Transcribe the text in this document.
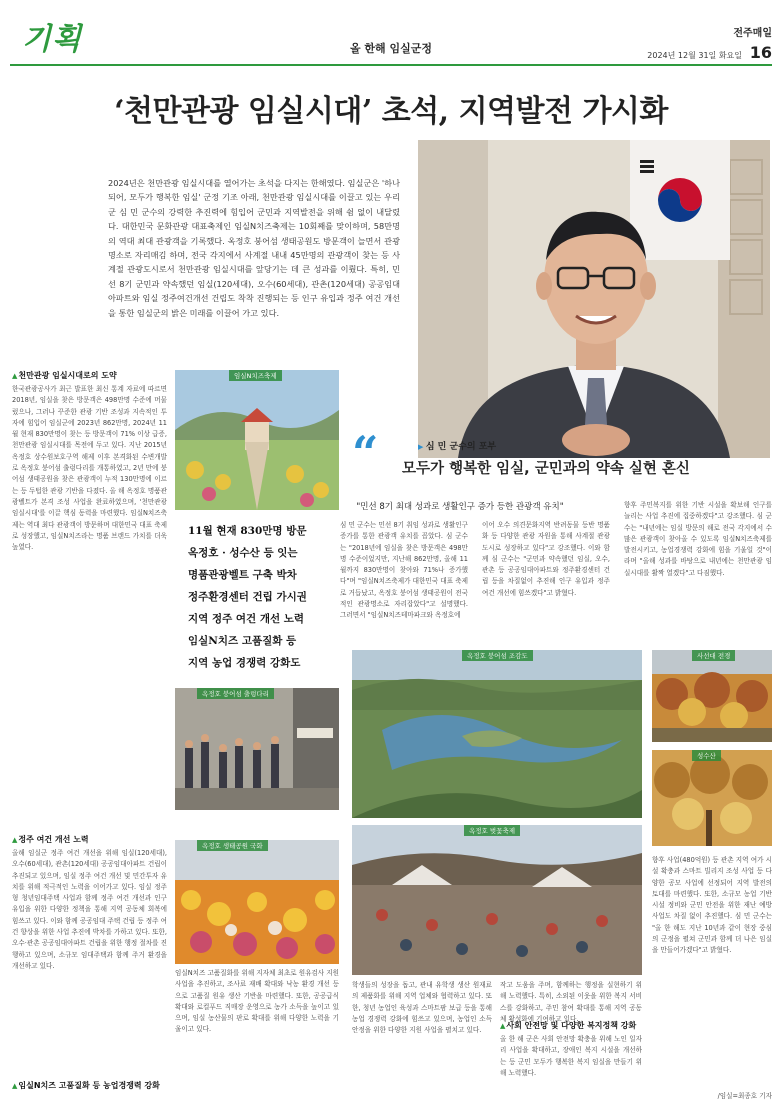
기획	올 한해 임실군정
전주매일
2024년 12월 31일 화요일 16
‘천만관광 임실시대’ 초석, 지역발전 가시화
2024년은 천만관광 임실시대를 열어가는 초석을 다지는 한해였다. 임실군은 '하나되어, 모두가 행복한 임실' 군정 기조 아래, 천만관광 임실시대를 이끌고 있는 우리 군 심 민 군수의 강력한 추진력에 힘입어 군민과 지역발전을 위해 쉼 없이 내달렸다. 대한민국 문화관광 대표축제인 임실N치즈축제는 10회째를 맞이하며, 58만명의 역대 최대 관광객을 기록했다. 옥정호 붕어섬 생태공원도 방문객이 늘면서 관광명소로 자리매김 하며, 전국 각지에서 사계절 내내 45만명의 관광객이 찾는 등 사계절 관광도시로서 천만관광 임실시대를 앞당기는 데 큰 성과를 이뤘다. 특히, 민선 8기 군민과 약속했던 임실(120세대), 오수(60세대), 관촌(120세대) 공공임대아파트와 임실 정주여건개선 건립도 착착 진행되는 등 인구 유입과 정주 여건 개선을 통한 임실군의 밝은 미래를 이끌어 가고 있다.
▲ 천만관광 임실시대로의 도약
한국관광공사가 최근 발표한 최신 통계 자료에 따르면 2018년, 임실을 찾은 방문객은 498만명 수준에 머물렀으나, 그러나 꾸준한 관광 기반 조성과 지속적인 투자에 힘입어 임실군에 2023년 862만명, 2024년 11월 현재 830만명이 찾는 등 방문객이 71% 이상 급증, 천만관광 임실시대를 목전에 두고 있다. 지난 2015년 옥정호 상수원보호구역 해제 이후 본격화된 수변개발로 옥정호 붕어섬 출렁다리를 개통하였고, 2년 만에 붕어섬 생태공원을 찾은 관광객이 누적 130만명에 이르는 등 두텁한 관광 기반을 다졌다. 올 해 옥정호 명품관광벨트가 본격 조성 사업을 완료하였으며, '천만관광 임실시대'를 이끌 핵심 동력을 마련했다. 임실N치즈축제는 역대 최다 관광객이 방문하며 대한민국 대표 축제로 성장했고, 임실N치즈라는 명품 브랜드 가치를 더욱 높였다.
▲ 정주 여건 개선 노력
올해 임실군 정주 여건 개선을 위해 임실(120세대), 오수(60세대), 관촌(120세대) 공공임대아파트 건립이 추진되고 있으며, 임실 정주 여건 개선 및 민간투자 유치를 위해 적극적인 노력을 이어가고 있다. 임실 정주형 청년임대주택 사업과 함께 정주 여건 개선과 인구 유입을 위한 다양한 정책을 통해 지역 공동체 회복에 힘쓰고 있다. 이와 함께 공공임대 주택 건립 등 정주 여건 향상을 위한 사업 추진에 박차를 가하고 있다. 또한, 오수·관촌 공공임대아파트 건립을 위한 행정 절차를 진행하고 있으며, 소규모 임대주택과 함께 주거 환경을 개선하고 있다.
▲ 임실N치즈 고품질화 등 농업경쟁력 강화
임실N치즈축제
11월 현재 830만명 방문
옥정호 · 성수산 등 잇는
명품관광벨트 구축 박차
정주환경센터 건립 가시권
지역 정주 여건 개선 노력
임실N치즈 고품질화 등
지역 농업 경쟁력 강화도
옥정호 붕어섬 출렁다리
옥정호 생태공원 국화
임실N치즈 고품질화를 위해 지자체 최초로 원유검사 지원 사업을 추진하고, 조사료 재배 확대와 낙농 환경 개선 등으로 고품질 원유 생산 기반을 마련했다. 또한, 공공급식 확대와 로컬푸드 직매장 운영으로 농가 소득을 높이고 있으며, 임실 농산물의 판로 확대를 위해 다양한 노력을 기울이고 있다.
“
▶	심 민 군수의 포부
모두가 행복한 임실, 군민과의 약속 실현 혼신
"민선 8기 최대 성과로 생활인구 증가 등한 관광객 유치"
심 민 군수는 민선 8기 취임 성과로 생활인구 증가를 통한 관광객 유치를 꼽았다. 심 군수는 "2018년에 임실을 찾은 방문객은 498만명 수준이었지만, 지난해 862만명, 올해 11월까지 830만명이 찾아와 71%나 증가했다"며 "임실N치즈축제가 대한민국 대표 축제로 거듭났고, 옥정호 붕어섬 생태공원이 전국적인 관광명소로 자리잡았다"고 설명했다. 그러면서 "임실N치즈테마파크와 옥정호에
이어 오수 의견문화지역 반려동물 등반 명품화 등 다양한 관광 자원을 통해 사계절 관광도시로 성장하고 있다"고 강조했다. 이와 함께 심 군수는 "군민과 약속했던 임실, 오수, 관촌 등 공공임대아파트와 정주환경센터 건립 등을 차질없이 추진해 인구 유입과 정주 여건 개선에 힘쓰겠다"고 밝혔다.
향후 주민복지를 위한 기반 시설을 확보해 인구를 늘리는 사업 추진에 집중하겠다"고 강조했다. 심 군수는 "내년에는 임실 방문의 해로 전국 각지에서 수많은 관광객이 찾아올 수 있도록 임실N치즈축제를 발전시키고, 농업경쟁력 강화에 힘을 기울일 것"이라며 "올해 성과를 바탕으로 내년에는 천만관광 임실시대를 활짝 열겠다"고 다짐했다.
옥정호 붕어섬 조감도	사선대 전경
성수산
옥정호 벚꽃축제
학생들의 성장을 돕고, 관내 유학생 생산 원재료의 제품화를 위해 지역 업체와 협력하고 있다. 또한, 청년 농업인 육성과 스마트팜 보급 등을 통해 농업 경쟁력 강화에 힘쓰고 있으며, 농업인 소득 안정을 위한 다양한 지원 사업을 펼치고 있다.
작고 도움을 주며, 함께하는 행정을 실현하기 위해 노력했다. 특히, 소외된 이웃을 위한 복지 서비스를 강화하고, 주민 참여 확대를 통해 지역 공동체 활성화에 기여하고 있다.
▲ 사회 안전망 및 다양한 복지정책 강화
올 한 해 군은 사회 안전망 확충을 위해 노인 일자리 사업을 확대하고, 장애인 복지 시설을 개선하는 등 군민 모두가 행복한 복지 임실을 만들기 위해 노력했다.
향후 사업(480억원) 등 관촌 지역 여가 시설 확충과 스마트 빌리지 조성 사업 등 다양한 공모 사업에 선정되어 지역 발전의 토대를 마련했다. 또한, 소규모 농업 기반 시설 정비와 군민 안전을 위한 재난 예방 사업도 차질 없이 추진했다. 심 민 군수는 "올 한 해도 지난 10년과 같이 현장 중심의 군정을 펼쳐 군민과 함께 더 나은 임실을 만들어가겠다"고 밝혔다.
/임실=최종호 기자
